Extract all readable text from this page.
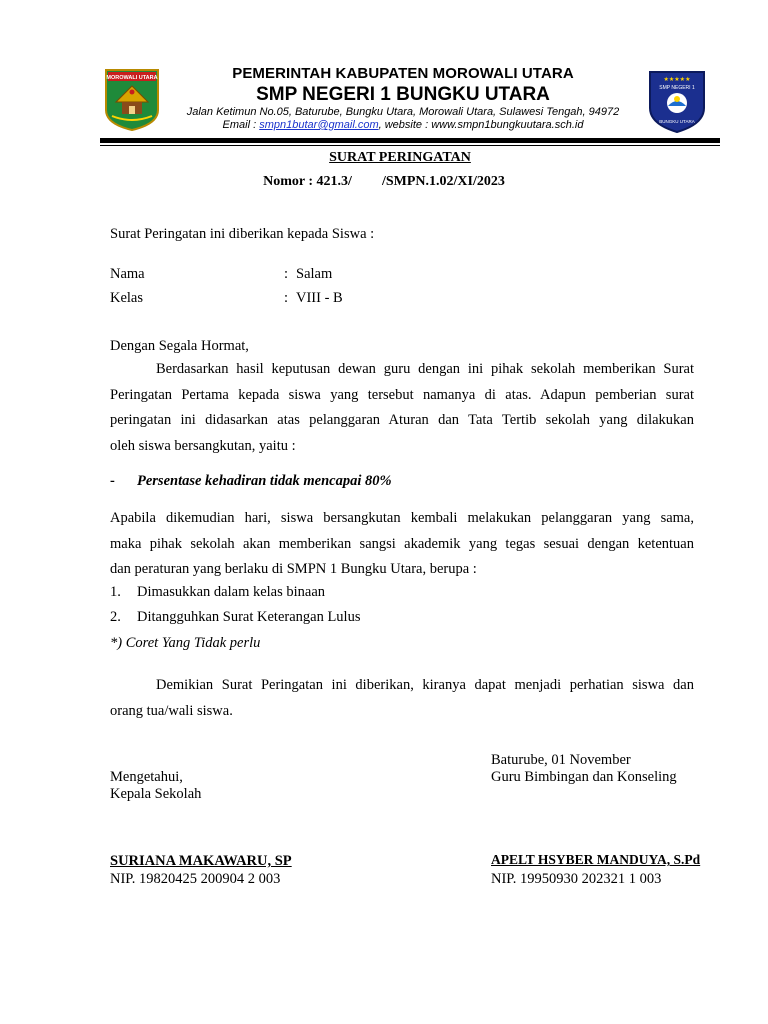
MOROWALI UTARA	PEMERINTAH KABUPATEN MOROWALI UTARA
SMP NEGERI 1 BUNGKU UTARA
Jalan Ketimun No.05, Baturube, Bungku Utara, Morowali Utara, Sulawesi Tengah, 94972
Email : smpn1butar@gmail.com, website : www.smpn1bungkuutara.sch.id
★★★★★
SMP NEGERI 1
BUNGKU UTARA
SURAT PERINGATAN
Nomor : 421.3/ /SMPN.1.02/XI/2023
Surat Peringatan ini diberikan kepada Siswa :
Nama	: Salam
Kelas	: VIII - B
Dengan Segala Hormat,
Berdasarkan hasil keputusan dewan guru dengan ini pihak sekolah memberikan Surat
Peringatan Pertama kepada siswa yang tersebut namanya di atas. Adapun pemberian surat
peringatan ini didasarkan atas pelanggaran Aturan dan Tata Tertib sekolah yang dilakukan
oleh siswa bersangkutan, yaitu :
- Persentase kehadiran tidak mencapai 80%
Apabila dikemudian hari, siswa bersangkutan kembali melakukan pelanggaran yang sama,
maka pihak sekolah akan memberikan sangsi akademik yang tegas sesuai dengan ketentuan
dan peraturan yang berlaku di SMPN 1 Bungku Utara, berupa :
1. Dimasukkan dalam kelas binaan
2. Ditangguhkan Surat Keterangan Lulus
*) Coret Yang Tidak perlu
Demikian Surat Peringatan ini diberikan, kiranya dapat menjadi perhatian siswa dan
orang tua/wali siswa.
Baturube, 01 November
Mengetahui,	Guru Bimbingan dan Konseling
Kepala Sekolah
SURIANA MAKAWARU, SP
NIP. 19820425 200904 2 003
APELT HSYBER MANDUYA, S.Pd
NIP. 19950930 202321 1 003
